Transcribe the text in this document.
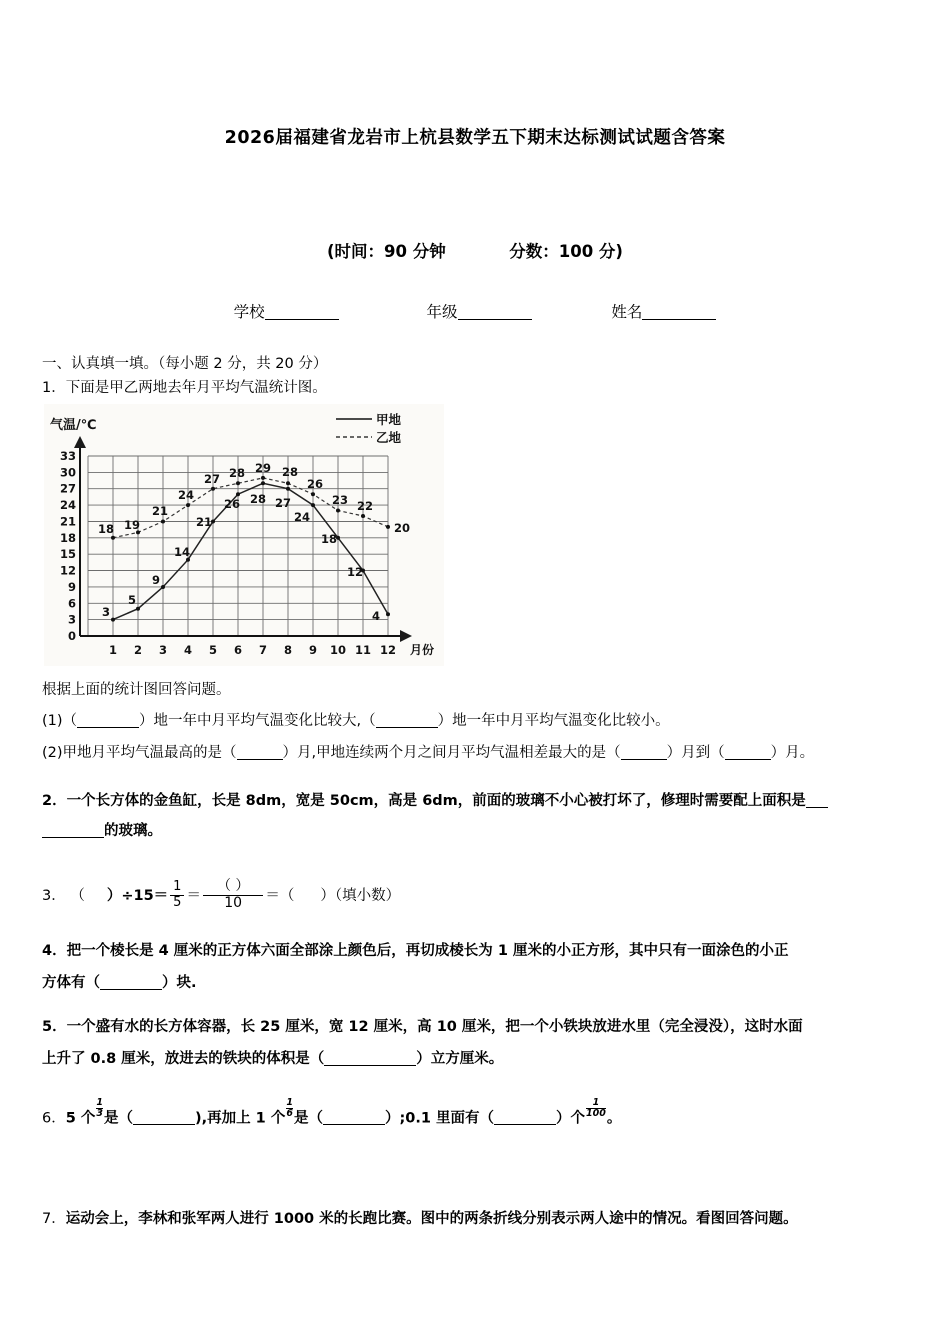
2026届福建省龙岩市上杭县数学五下期末达标测试试题含答案
(时间：90 分钟	分数：100 分)
学校	年级	姓名
一、认真填一填。（每小题 2 分，共 20 分）
1．下面是甲乙两地去年月平均气温统计图。
气温/℃	甲地
乙地
33
30
27
24
21
18
15
12
9
6
3
0
1 2 3 4 5 6 7 8 9 10 11 12 月份
18 19
21
24
27 28 29 28
26
23 22
20
3
5
9
14
21
26 28 27
24
18
12
4
根据上面的统计图回答问题。
(1)（	）地一年中月平均气温变化比较大,（	）地一年中月平均气温变化比较小。
(2)甲地月平均气温最高的是（	）月,甲地连续两个月之间月平均气温相差最大的是（	）月到（	）月。
2．一个长方体的金鱼缸，长是 8dm，宽是 50cm，高是 6dm，前面的玻璃不小心被打坏了，修理时需要配上面积是
的玻璃。
3． （ ）$\div 15= \frac{1}{5} = \frac{( )}{10}$ ＝（ ）（填小数）
4．把一个棱长是 4 厘米的正方体六面全部涂上颜色后，再切成棱长为 1 厘米的小正方形，其中只有一面涂色的小正
方体有（	）块.
5．一个盛有水的长方体容器，长 25 厘米，宽 12 厘米，高 10 厘米，把一个小铁块放进水里（完全浸没），这时水面
上升了 0.8 厘米，放进去的铁块的体积是（	）立方厘米。
6．5 个 $\frac{1}{3}$ 是（	),再加上 1 个 $\frac{1}{6}$ 是（	）;0.1 里面有（	）个 $\frac{1}{100}$ 。
7．运动会上，李林和张军两人进行 1000 米的长跑比赛。图中的两条折线分别表示两人途中的情况。看图回答问题。
